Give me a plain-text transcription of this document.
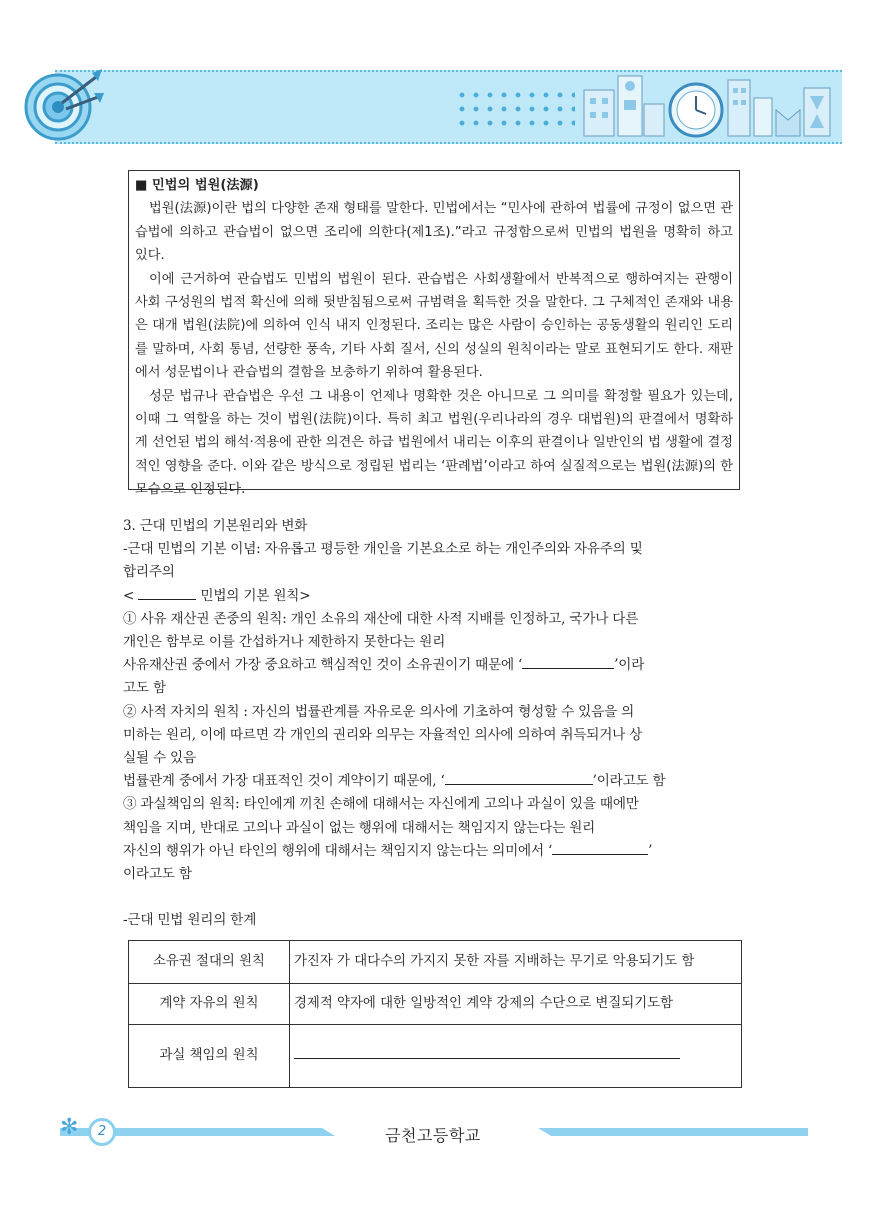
■ 민법의 법원(法源)

법원(法源)이란 법의 다양한 존재 형태를 말한다. 민법에서는 “민사에 관하여 법률에 규정이 없으면 관습법에 의하고 관습법이 없으면 조리에 의한다(제1조).”라고 규정함으로써 민법의 법원을 명확히 하고 있다.

이에 근거하여 관습법도 민법의 법원이 된다. 관습법은 사회생활에서 반복적으로 행하여지는 관행이 사회 구성원의 법적 확신에 의해 뒷받침됨으로써 규범력을 획득한 것을 말한다. 그 구체적인 존재와 내용은 대개 법원(法院)에 의하여 인식 내지 인정된다. 조리는 많은 사람이 승인하는 공동생활의 원리인 도리를 말하며, 사회 통념, 선량한 풍속, 기타 사회 질서, 신의 성실의 원칙이라는 말로 표현되기도 한다. 재판에서 성문법이나 관습법의 결함을 보충하기 위하여 활용된다.

성문 법규나 관습법은 우선 그 내용이 언제나 명확한 것은 아니므로 그 의미를 확정할 필요가 있는데, 이때 그 역할을 하는 것이 법원(法院)이다. 특히 최고 법원(우리나라의 경우 대법원)의 판결에서 명확하게 선언된 법의 해석·적용에 관한 의견은 하급 법원에서 내리는 이후의 판결이나 일반인의 법 생활에 결정적인 영향을 준다. 이와 같은 방식으로 정립된 법리는 ‘판례법’이라고 하여 실질적으로는 법원(法源)의 한 모습으로 인정된다.

3. 근대 민법의 기본원리와 변화
-근대 민법의 기본 이념: 자유롭고 평등한 개인을 기본요소로 하는 개인주의와 자유주의 및
합리주의
<	민법의 기본 원칙>
① 사유 재산권 존중의 원칙: 개인 소유의 재산에 대한 사적 지배를 인정하고, 국가나 다른
개인은 함부로 이를 간섭하거나 제한하지 못한다는 원리
사유재산권 중에서 가장 중요하고 핵심적인 것이 소유권이기 때문에 ‘	’이라
고도 함
② 사적 자치의 원칙 : 자신의 법률관계를 자유로운 의사에 기초하여 형성할 수 있음을 의
미하는 원리, 이에 따르면 각 개인의 권리와 의무는 자율적인 의사에 의하여 취득되거나 상
실될 수 있음
법률관계 중에서 가장 대표적인 것이 계약이기 때문에, ‘	’이라고도 함
③ 과실책임의 원칙: 타인에게 끼친 손해에 대해서는 자신에게 고의나 과실이 있을 때에만
책임을 지며, 반대로 고의나 과실이 없는 행위에 대해서는 책임지지 않는다는 원리
자신의 행위가 아닌 타인의 행위에 대해서는 책임지지 않는다는 의미에서 ‘	’
이라고도 함
-근대 민법 원리의 한계
소유권 절대의 원칙	가진자 가 대다수의 가지지 못한 자를 지배하는 무기로 악용되기도 함
계약 자유의 원칙	경제적 약자에 대한 일방적인 계약 강제의 수단으로 변질되기도함
과실 책임의 원칙	
✻	2	금천고등학교
